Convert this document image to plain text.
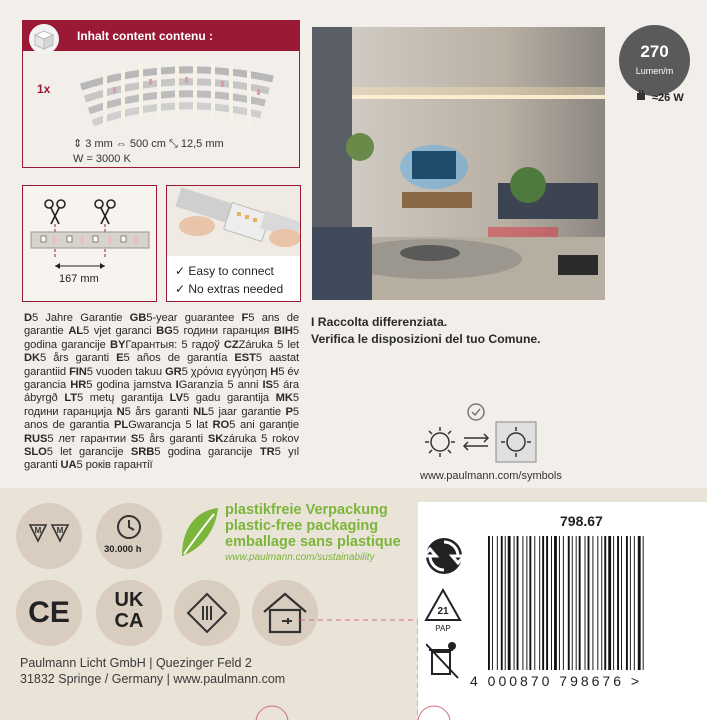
Inhalt content contenu :
1x
⇕ 3 mm ⇔ 500 cm ⤡ 12,5 mm
W = 3000 K
167 mm
✓ Easy to connect
✓ No extras needed
270
Lumen/m
≈26 W
D5 Jahre Garantie GB5-year guarantee F5 ans de garantie AL5 vjet garanci BG5 години гаранция BIH5 godina garancije BYГарантыя: 5 гадоў CZZáruka 5 let DK5 års garanti E5 años de garantía EST5 aastat garantiid FIN5 vuoden takuu GR5 χρόνια εγγύηση H5 év garancia HR5 godina jamstva IGaranzia 5 anni IS5 ára ábyrgð LT5 metų garantija LV5 gadu garantija MK5 години гаранција N5 års garanti NL5 jaar garantie P5 anos de garantia PLGwarancja 5 lat RO5 ani garanție RUS5 лет гарантии S5 års garanti SKzáruka 5 rokov SLO5 let garancije SRB5 godina garancije TR5 yıl garanti UA5 років гарантії
I Raccolta differenziata.
Verifica le disposizioni del tuo Comune.
www.paulmann.com/symbols
M M
30.000 h
plastikfreie Verpackung
plastic-free packaging
emballage sans plastique
www.paulmann.com/sustainability
CE	UK
CA
Paulmann Licht GmbH | Quezinger Feld 2
31832 Springe / Germany | www.paulmann.com
798.67
21
PAP
4 000870 798676 >
